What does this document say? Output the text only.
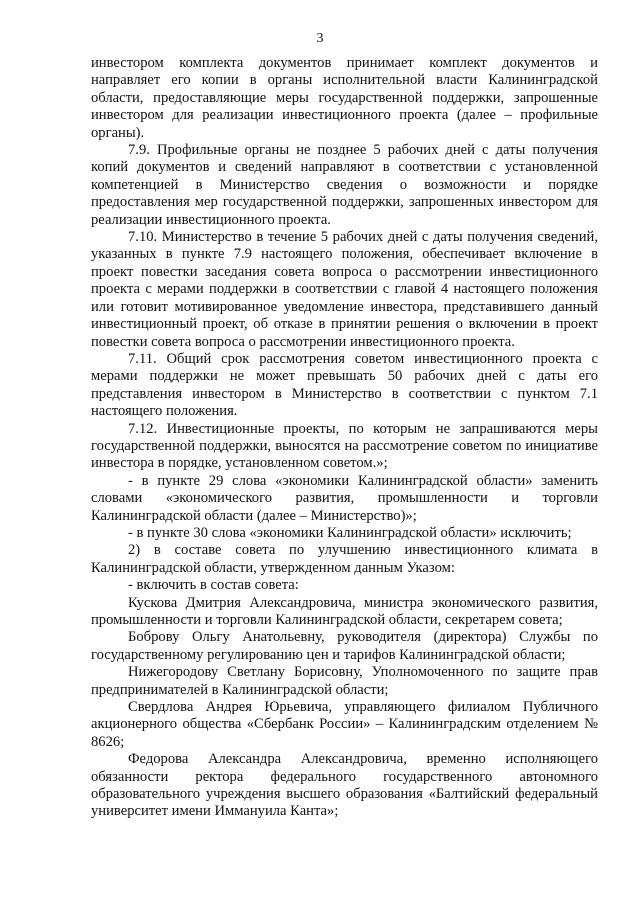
3

инвестором комплекта документов принимает комплект документов и направляет его копии в органы исполнительной власти Калининградской области, предоставляющие меры государственной поддержки, запрошенные инвестором для реализации инвестиционного проекта (далее – профильные органы).

7.9. Профильные органы не позднее 5 рабочих дней с даты получения копий документов и сведений направляют в соответствии с установленной компетенцией в Министерство сведения о возможности и порядке предоставления мер государственной поддержки, запрошенных инвестором для реализации инвестиционного проекта.

7.10. Министерство в течение 5 рабочих дней с даты получения сведений, указанных в пункте 7.9 настоящего положения, обеспечивает включение в проект повестки заседания совета вопроса о рассмотрении инвестиционного проекта с мерами поддержки в соответствии с главой 4 настоящего положения или готовит мотивированное уведомление инвестора, представившего данный инвестиционный проект, об отказе в принятии решения о включении в проект повестки совета вопроса о рассмотрении инвестиционного проекта.

7.11. Общий срок рассмотрения советом инвестиционного проекта с мерами поддержки не может превышать 50 рабочих дней с даты его представления инвестором в Министерство в соответствии с пунктом 7.1 настоящего положения.

7.12. Инвестиционные проекты, по которым не запрашиваются меры государственной поддержки, выносятся на рассмотрение советом по инициативе инвестора в порядке, установленном советом.»;

- в пункте 29 слова «экономики Калининградской области» заменить словами «экономического развития, промышленности и торговли Калининградской области (далее – Министерство)»;

- в пункте 30 слова «экономики Калининградской области» исключить;

2) в составе совета по улучшению инвестиционного климата в Калининградской области, утвержденном данным Указом:

- включить в состав совета:

Кускова Дмитрия Александровича, министра экономического развития, промышленности и торговли Калининградской области, секретарем совета;

Боброву Ольгу Анатольевну, руководителя (директора) Службы по государственному регулированию цен и тарифов Калининградской области;

Нижегородову Светлану Борисовну, Уполномоченного по защите прав предпринимателей в Калининградской области;

Свердлова Андрея Юрьевича, управляющего филиалом Публичного акционерного общества «Сбербанк России» – Калининградским отделением № 8626;

Федорова Александра Александровича, временно исполняющего обязанности ректора федерального государственного автономного образовательного учреждения высшего образования «Балтийский федеральный университет имени Иммануила Канта»;
